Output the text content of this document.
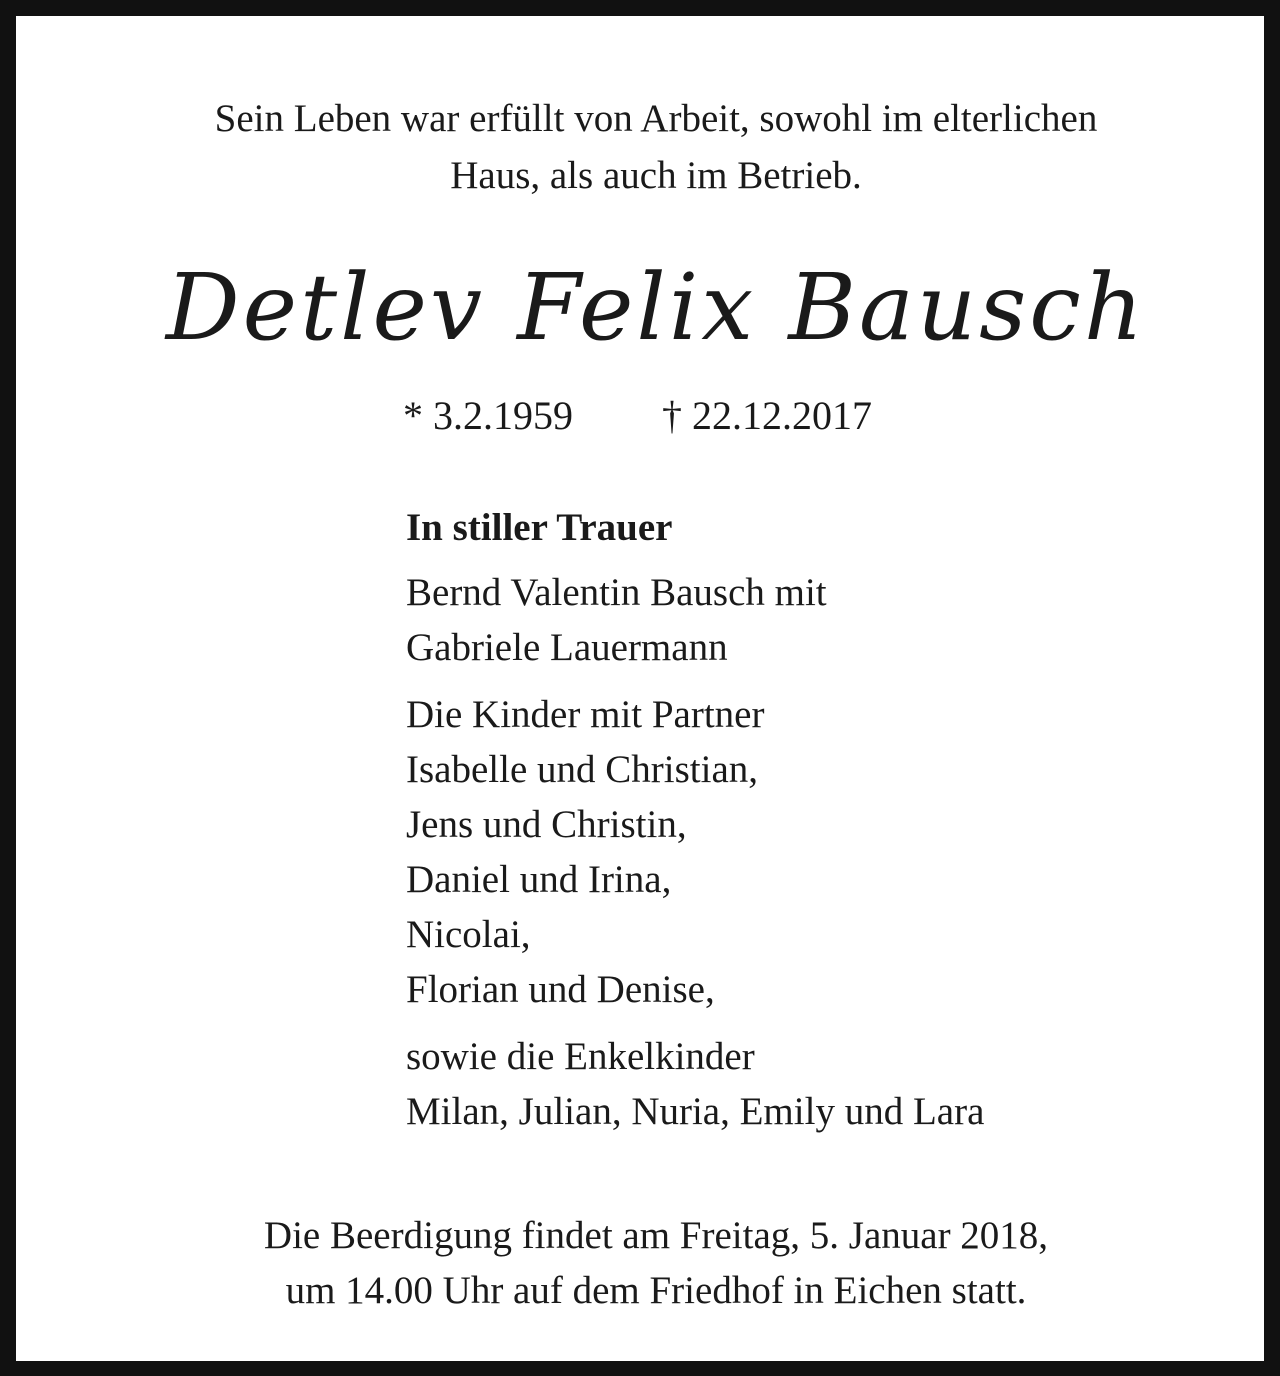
Sein Leben war erfüllt von Arbeit, sowohl im elterlichen
Haus, als auch im Betrieb.
Detlev Felix Bausch
* 3.2.1959 † 22.12.2017
In stiller Trauer
Bernd Valentin Bausch mit
Gabriele Lauermann
Die Kinder mit Partner
Isabelle und Christian,
Jens und Christin,
Daniel und Irina,
Nicolai,
Florian und Denise,
sowie die Enkelkinder
Milan, Julian, Nuria, Emily und Lara
Die Beerdigung findet am Freitag, 5. Januar 2018,
um 14.00 Uhr auf dem Friedhof in Eichen statt.
